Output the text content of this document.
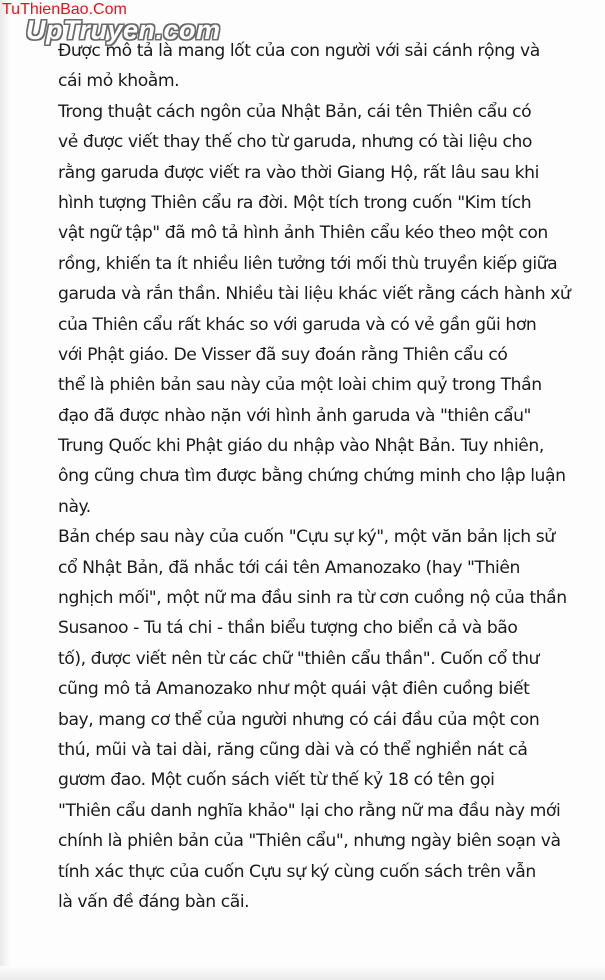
TuThienBao.Com
UpTruyen.com
Được mô tả là mang lốt của con người với sải cánh rộng và
cái mỏ khoằm.
Trong thuật cách ngôn của Nhật Bản, cái tên Thiên cẩu có
vẻ được viết thay thế cho từ garuda, nhưng có tài liệu cho
rằng garuda được viết ra vào thời Giang Hộ, rất lâu sau khi
hình tượng Thiên cẩu ra đời. Một tích trong cuốn "Kim tích
vật ngữ tập" đã mô tả hình ảnh Thiên cẩu kéo theo một con
rồng, khiến ta ít nhiều liên tưởng tới mối thù truyền kiếp giữa
garuda và rắn thần. Nhiều tài liệu khác viết rằng cách hành xử
của Thiên cẩu rất khác so với garuda và có vẻ gần gũi hơn
với Phật giáo. De Visser đã suy đoán rằng Thiên cẩu có
thể là phiên bản sau này của một loài chim quỷ trong Thần
đạo đã được nhào nặn với hình ảnh garuda và "thiên cẩu"
Trung Quốc khi Phật giáo du nhập vào Nhật Bản. Tuy nhiên,
ông cũng chưa tìm được bằng chứng chứng minh cho lập luận
này.
Bản chép sau này của cuốn "Cựu sự ký", một văn bản lịch sử
cổ Nhật Bản, đã nhắc tới cái tên Amanozako (hay "Thiên
nghịch mối", một nữ ma đầu sinh ra từ cơn cuồng nộ của thần
Susanoo - Tu tá chi - thần biểu tượng cho biển cả và bão
tố), được viết nên từ các chữ "thiên cẩu thần". Cuốn cổ thư
cũng mô tả Amanozako như một quái vật điên cuồng biết
bay, mang cơ thể của người nhưng có cái đầu của một con
thú, mũi và tai dài, răng cũng dài và có thể nghiền nát cả
gươm đao. Một cuốn sách viết từ thế kỷ 18 có tên gọi
"Thiên cẩu danh nghĩa khảo" lại cho rằng nữ ma đầu này mới
chính là phiên bản của "Thiên cẩu", nhưng ngày biên soạn và
tính xác thực của cuốn Cựu sự ký cùng cuốn sách trên vẫn
là vấn đề đáng bàn cãi.
